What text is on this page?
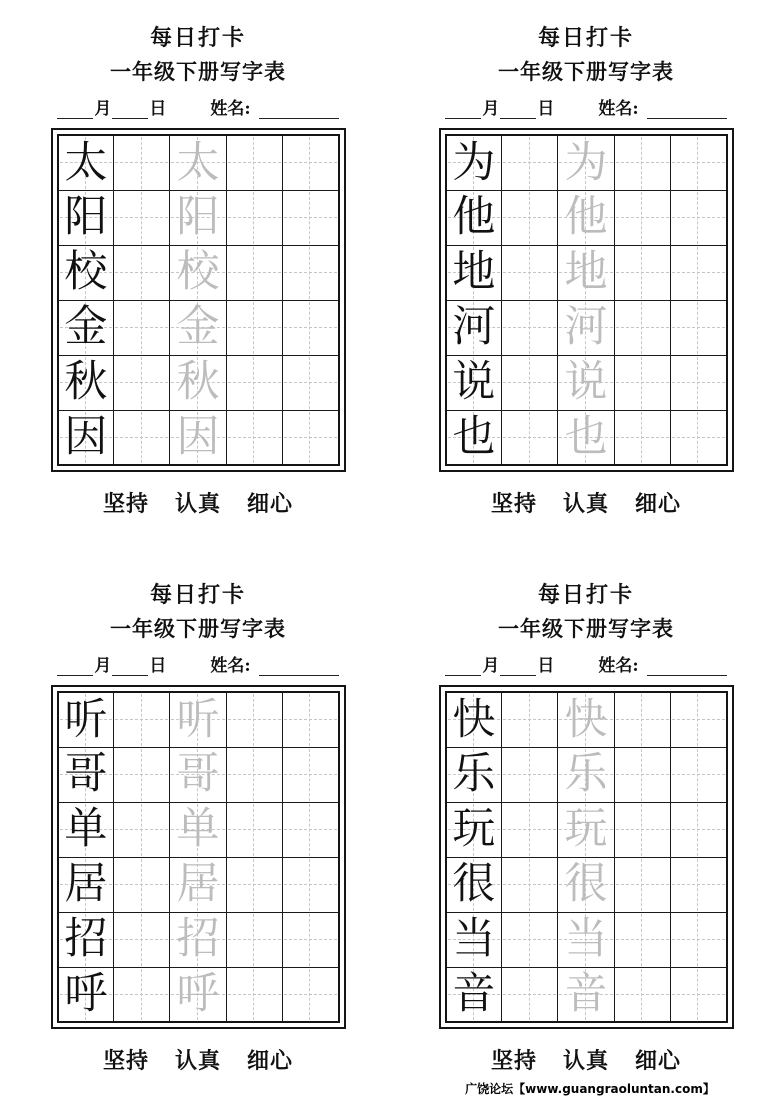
每日打卡
一年级下册写字表
月 日	姓名:
太		太		

阳		阳		

校		校		

金		金		

秋		秋		

因		因		

坚持 认真 细心
每日打卡
一年级下册写字表
月 日	姓名:
为		为		

他		他		

地		地		

河		河		

说		说		

也		也		

坚持 认真 细心
每日打卡
一年级下册写字表
月 日	姓名:
听		听		

哥		哥		

单		单		

居		居		

招		招		

呼		呼		

坚持 认真 细心
每日打卡
一年级下册写字表
月 日	姓名:
快		快		

乐		乐		

玩		玩		

很		很		

当		当		

音		音		

坚持 认真 细心
广饶论坛【www.guangraoluntan.com】
